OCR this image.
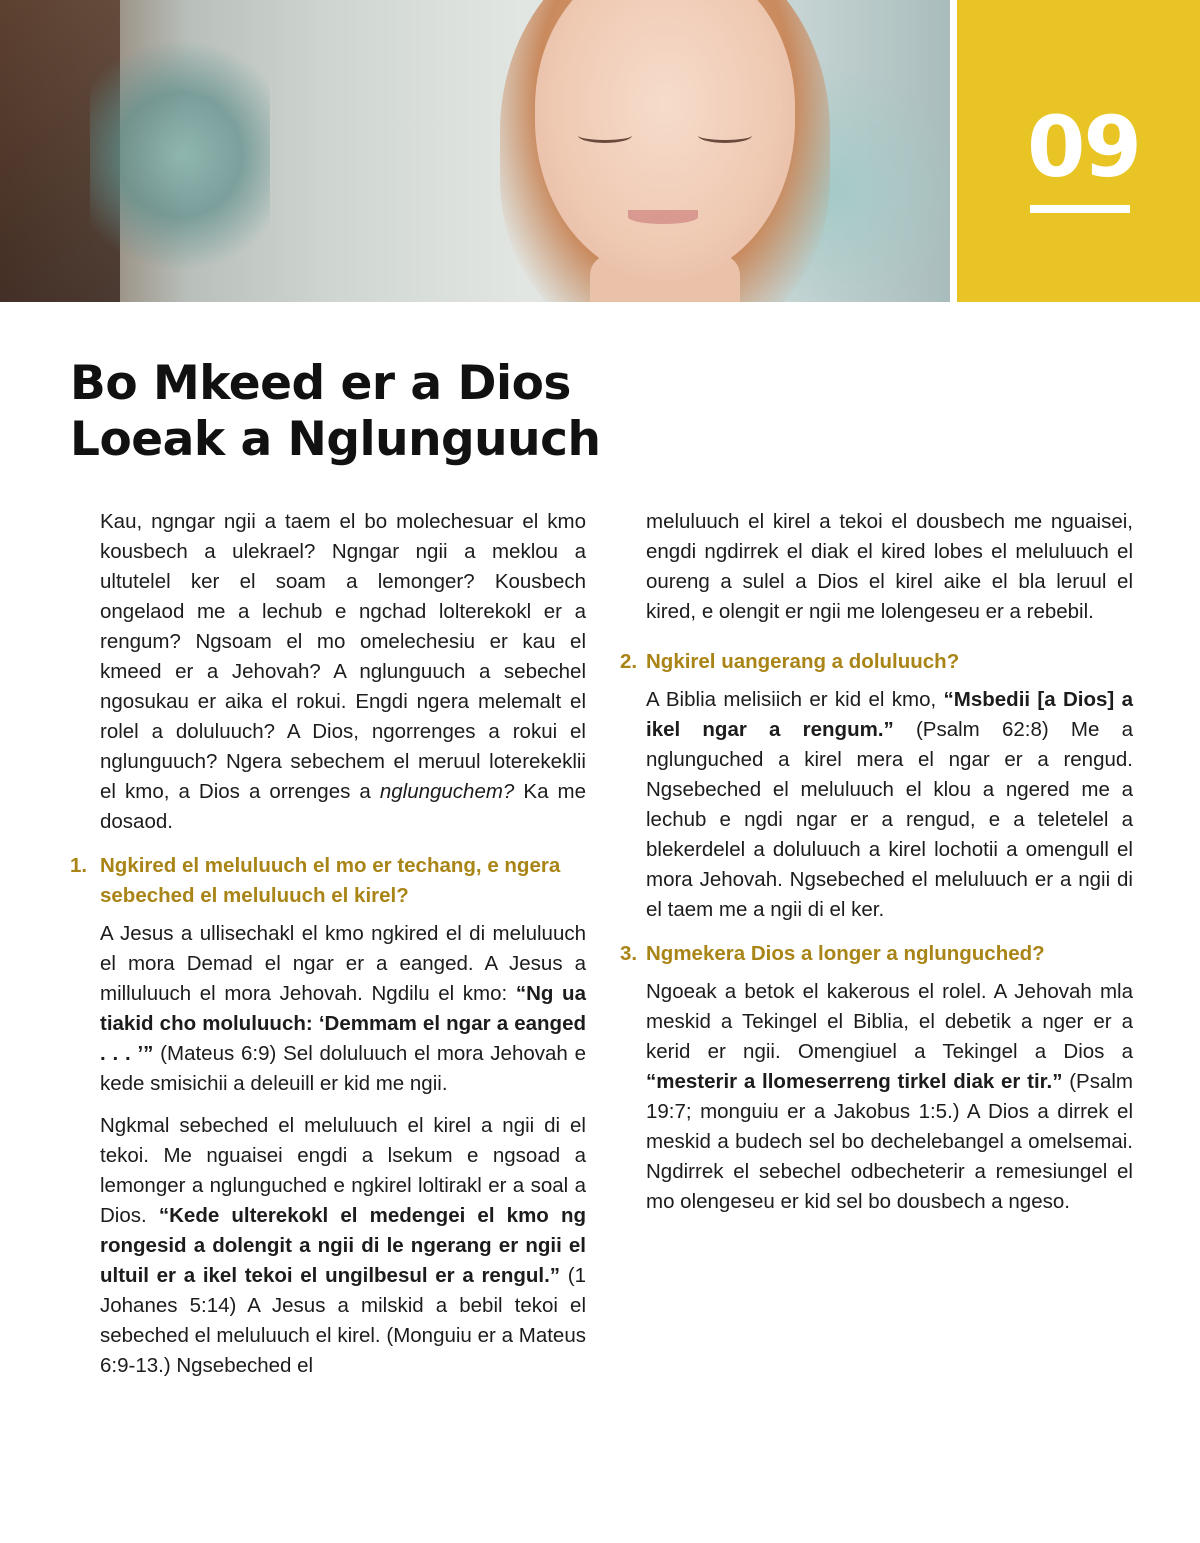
09
Bo Mkeed er a Dios
Loeak a Nglunguuch

Kau, ngngar ngii a taem el bo molechesuar el kmo kousbech a ulekrael? Ngngar ngii a meklou a ultutelel ker el soam a lemonger? Kousbech ongelaod me a lechub e ngchad lolterekokl er a rengum? Ngsoam el mo omelechesiu er kau el kmeed er a Jehovah? A nglunguuch a sebechel ngosukau er aika el rokui. Engdi ngera melemalt el rolel a doluluuch? A Dios, ngorrenges a rokui el nglunguuch? Ngera sebechem el meruul loterekeklii el kmo, a Dios a orrenges a nglunguchem? Ka me dosaod.

1. Ngkired el meluluuch el mo er techang, e ngera sebeched el meluluuch el kirel?

A Jesus a ullisechakl el kmo ngkired el di meluluuch el mora Demad el ngar er a eanged. A Jesus a milluluuch el mora Jehovah. Ngdilu el kmo: “Ng ua tiakid cho moluluuch: ‘Demmam el ngar a eanged . . . ’” (Mateus 6:9) Sel doluluuch el mora Jehovah e kede smisichii a deleuill er kid me ngii.

Ngkmal sebeched el meluluuch el kirel a ngii di el tekoi. Me nguaisei engdi a lsekum e ngsoad a lemonger a nglunguched e ngkirel loltirakl er a soal a Dios. “Kede ulterekokl el medengei el kmo ng rongesid a dolengit a ngii di le ngerang er ngii el ultuil er a ikel tekoi el ungilbesul er a rengul.” (1 Johanes 5:14) A Jesus a milskid a bebil tekoi el sebeched el meluluuch el kirel. (Monguiu er a Mateus 6:9-13.) Ngsebeched el

meluluuch el kirel a tekoi el dousbech me nguaisei, engdi ngdirrek el diak el kired lobes el meluluuch el oureng a sulel a Dios el kirel aike el bla leruul el kired, e olengit er ngii me lolengeseu er a rebebil.

2. Ngkirel uangerang a doluluuch?

A Biblia melisiich er kid el kmo, “Msbedii [a Dios] a ikel ngar a rengum.” (Psalm 62:8) Me a nglunguched a kirel mera el ngar er a rengud. Ngsebeched el meluluuch el klou a ngered me a lechub e ngdi ngar er a rengud, e a teletelel a blekerdelel a doluluuch a kirel lochotii a omengull el mora Jehovah. Ngsebeched el meluluuch er a ngii di el taem me a ngii di el ker.

3. Ngmekera Dios a longer a nglunguched?

Ngoeak a betok el kakerous el rolel. A Jehovah mla meskid a Tekingel el Biblia, el debetik a nger er a kerid er ngii. Omengiuel a Tekingel a Dios a “mesterir a llomeserreng tirkel diak er tir.” (Psalm 19:7; monguiu er a Jakobus 1:5.) A Dios a dirrek el meskid a budech sel bo dechelebangel a omelsemai. Ngdirrek el sebechel odbecheterir a remesiungel el mo olengeseu er kid sel bo dousbech a ngeso.
